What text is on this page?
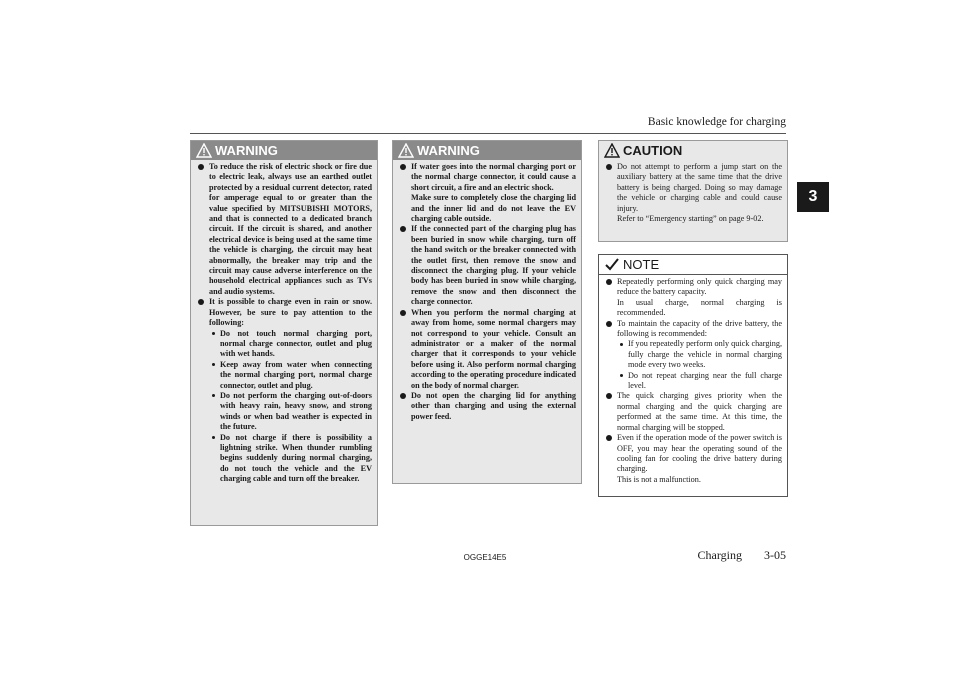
Basic knowledge for charging
3
WARNING

To reduce the risk of electric shock or fire due to electric leak, always use an earthed outlet protected by a residual current detector, rated for amperage equal to or greater than the value specified by MITSUBISHI MOTORS, and that is connected to a dedicated branch circuit. If the circuit is shared, and another electrical device is being used at the same time the vehicle is charging, the circuit may heat abnormally, the breaker may trip and the circuit may cause adverse interference on the household electrical appliances such as TVs and audio systems.

It is possible to charge even in rain or snow. However, be sure to pay attention to the following:

Do not touch normal charging port, normal charge connector, outlet and plug with wet hands.

Keep away from water when connecting the normal charging port, normal charge connector, outlet and plug.

Do not perform the charging out-of-doors with heavy rain, heavy snow, and strong winds or when bad weather is expected in the future.

Do not charge if there is possibility a lightning strike. When thunder rumbling begins suddenly during normal charging, do not touch the vehicle and the EV charging cable and turn off the breaker.

WARNING

If water goes into the normal charging port or the normal charge connector, it could cause a short circuit, a fire and an electric shock.

Make sure to completely close the charging lid and the inner lid and do not leave the EV charging cable outside.

If the connected part of the charging plug has been buried in snow while charging, turn off the hand switch or the breaker connected with the outlet first, then remove the snow and disconnect the charging plug. If your vehicle body has been buried in snow while charging, remove the snow and then disconnect the charge connector.

When you perform the normal charging at away from home, some normal chargers may not correspond to your vehicle. Consult an administrator or a maker of the normal charger that it corresponds to your vehicle before using it. Also perform normal charging according to the operating procedure indicated on the body of normal charger.

Do not open the charging lid for anything other than charging and using the external power feed.

CAUTION

Do not attempt to perform a jump start on the auxiliary battery at the same time that the drive battery is being charged. Doing so may damage the vehicle or charging cable and could cause injury.

Refer to “Emergency starting” on page 9-02.

NOTE

Repeatedly performing only quick charging may reduce the battery capacity.

In usual charge, normal charging is recommended.

To maintain the capacity of the drive battery, the following is recommended:

If you repeatedly perform only quick charging, fully charge the vehicle in normal charging mode every two weeks.

Do not repeat charging near the full charge level.

The quick charging gives priority when the normal charging and the quick charging are performed at the same time. At this time, the normal charging will be stopped.

Even if the operation mode of the power switch is OFF, you may hear the operating sound of the cooling fan for cooling the drive battery during charging.

This is not a malfunction.

OGGE14E5	Charging 3-05
